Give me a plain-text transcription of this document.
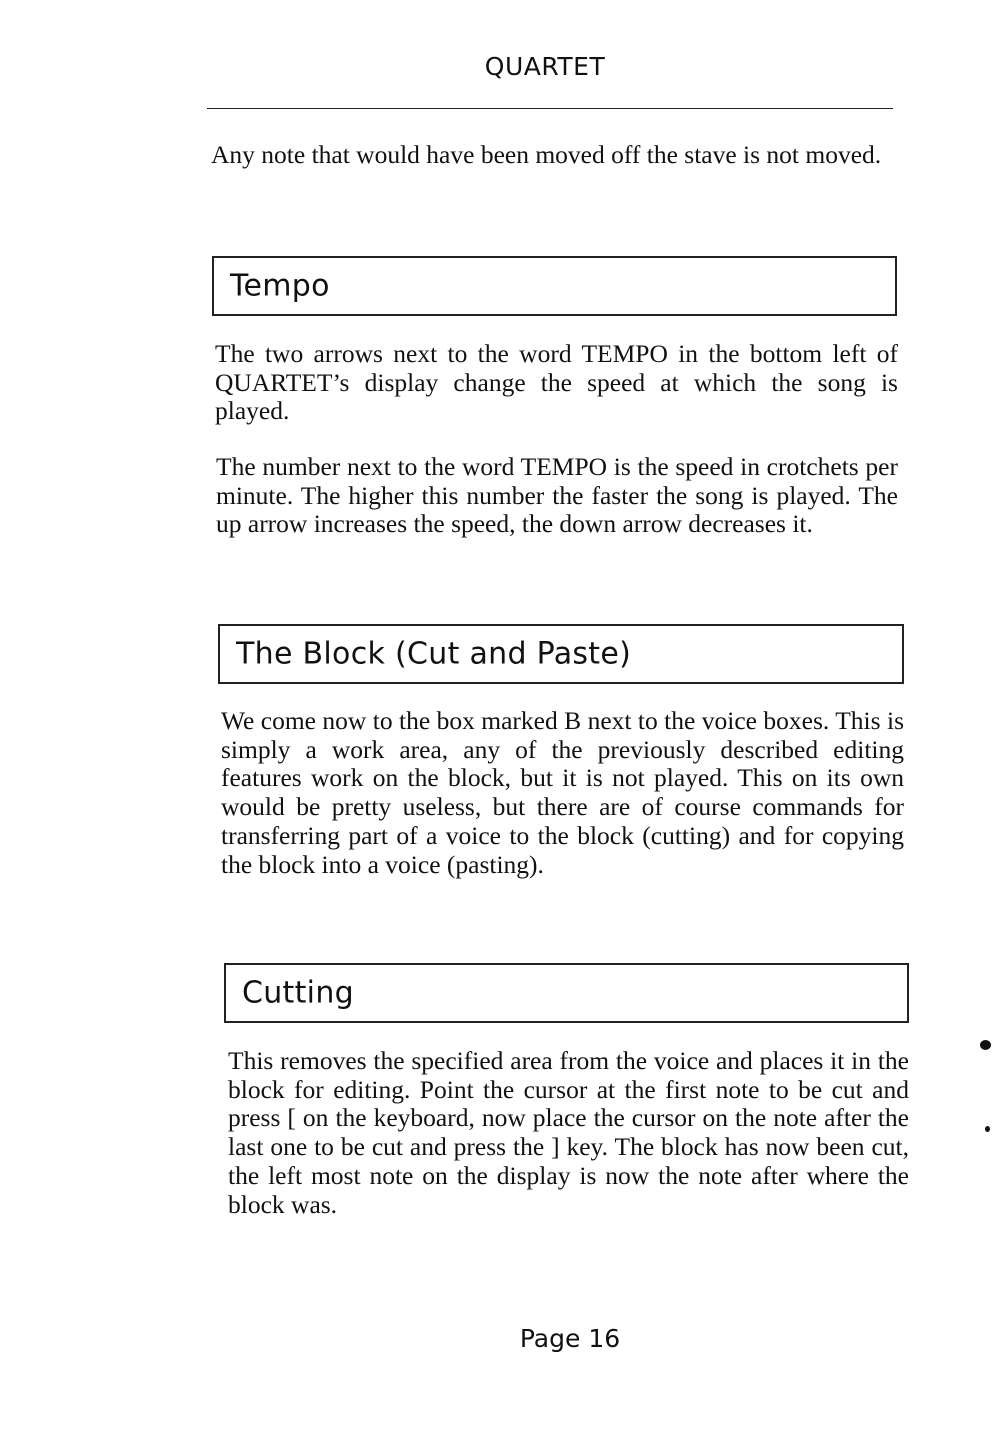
QUARTET

Any note that would have been moved off the stave is not moved.

Tempo

The two arrows next to the word TEMPO in the bottom left of QUARTET’s display change the speed at which the song is played.

The number next to the word TEMPO is the speed in crotchets per minute. The higher this number the faster the song is played. The up arrow increases the speed, the down arrow decreases it.

The Block (Cut and Paste)

We come now to the box marked B next to the voice boxes. This is simply a work area, any of the previously described editing features work on the block, but it is not played. This on its own would be pretty useless, but there are of course commands for transferring part of a voice to the block (cutting) and for copying the block into a voice (pasting).

Cutting

This removes the specified area from the voice and places it in the block for editing. Point the cursor at the first note to be cut and press [ on the keyboard, now place the cursor on the note after the last one to be cut and press the ] key. The block has now been cut, the left most note on the display is now the note after where the block was.

Page 16
